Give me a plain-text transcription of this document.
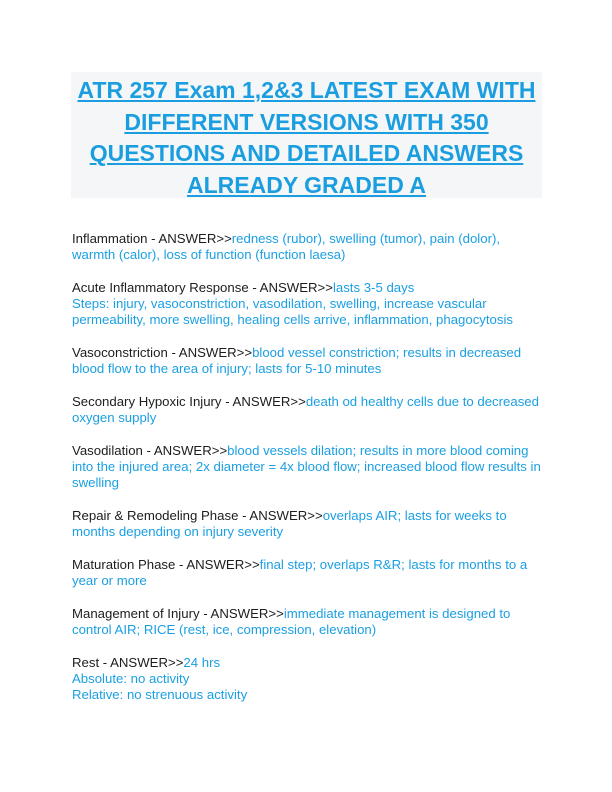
ATR 257 Exam 1,2&3 LATEST EXAM WITH DIFFERENT VERSIONS WITH 350 QUESTIONS AND DETAILED ANSWERS ALREADY GRADED A

Inflammation - ANSWER>>redness (rubor), swelling (tumor), pain (dolor), warmth (calor), loss of function (function laesa)

Acute Inflammatory Response - ANSWER>>lasts 3-5 days
Steps: injury, vasoconstriction, vasodilation, swelling, increase vascular permeability, more swelling, healing cells arrive, inflammation, phagocytosis

Vasoconstriction - ANSWER>>blood vessel constriction; results in decreased blood flow to the area of injury; lasts for 5-10 minutes

Secondary Hypoxic Injury - ANSWER>>death od healthy cells due to decreased oxygen supply

Vasodilation - ANSWER>>blood vessels dilation; results in more blood coming into the injured area; 2x diameter = 4x blood flow; increased blood flow results in swelling

Repair & Remodeling Phase - ANSWER>>overlaps AIR; lasts for weeks to months depending on injury severity

Maturation Phase - ANSWER>>final step; overlaps R&R; lasts for months to a year or more

Management of Injury - ANSWER>>immediate management is designed to control AIR; RICE (rest, ice, compression, elevation)

Rest - ANSWER>>24 hrs
Absolute: no activity
Relative: no strenuous activity
